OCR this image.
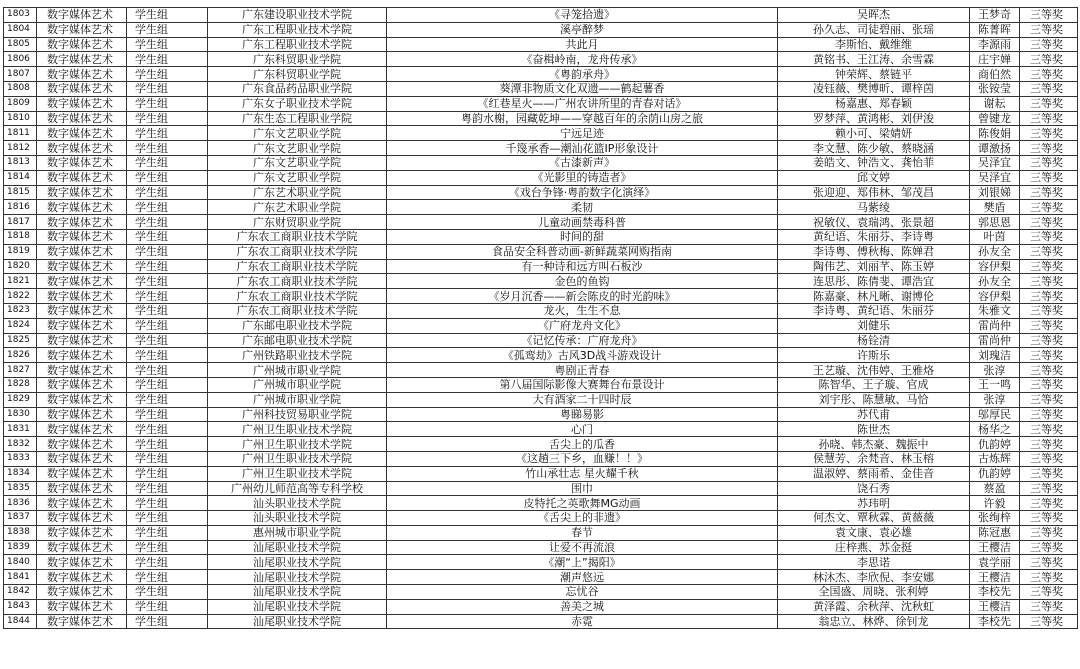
1803	数字媒体艺术	学生组	广东建设职业技术学院	《寻笼拾遗》	吴晖杰	王梦奇	三等奖
1804	数字媒体艺术	学生组	广东工程职业技术学院	溪亭醉梦	孙久志、司徒碧丽、张瑶	陈菁晖	三等奖
1805	数字媒体艺术	学生组	广东工程职业技术学院	共此月	李斯怡、戴维维	李源雨	三等奖
1806	数字媒体艺术	学生组	广东科贸职业学院	《奋楫岭南，龙舟传承》	黄铭书、王江涛、余雪霖	庄宇婵	三等奖
1807	数字媒体艺术	学生组	广东科贸职业学院	《粤韵承舟》	钟荣辉、蔡链平	商伯然	三等奖
1808	数字媒体艺术	学生组	广东食品药品职业学院	葵潭非物质文化双遗——鹤起薯香	凌钰薇、樊博昕、谭梓茵	张铵莹	三等奖
1809	数字媒体艺术	学生组	广东女子职业技术学院	《红巷星火——广州农讲所里的青春对话》	杨嘉惠、郑春颖	谢耘	三等奖
1810	数字媒体艺术	学生组	广东生态工程职业学院	粤韵水榭，园藏乾坤——穿越百年的余荫山房之旅	罗梦萍、黄鸿彬、刘伊浚	曾键龙	三等奖
1811	数字媒体艺术	学生组	广东文艺职业学院	宁远足迹	赖小可、梁婧妍	陈俊娟	三等奖
1812	数字媒体艺术	学生组	广东文艺职业学院	千篾承香—潮汕花篮IP形象设计	李文慧、陈少敏、蔡晓涵	谭激扬	三等奖
1813	数字媒体艺术	学生组	广东文艺职业学院	《古漆新声》	姜皓文、钟浩文、龚怡菲	吴泽宜	三等奖
1814	数字媒体艺术	学生组	广东文艺职业学院	《光影里的铸造者》	邱文婷	吴泽宜	三等奖
1815	数字媒体艺术	学生组	广东艺术职业学院	《戏台争锋·粤韵数字化演绎》	张迎迎、郑伟林、邹茂昌	刘银娣	三等奖
1816	数字媒体艺术	学生组	广东艺术职业学院	柔韧	马紫绫	樊盾	三等奖
1817	数字媒体艺术	学生组	广东财贸职业学院	儿童动画禁毒科普	祝敏仪、袁瑞鸿、张景超	郭思恩	三等奖
1818	数字媒体艺术	学生组	广东农工商职业技术学院	时间的甜	黄纪语、朱丽芬、李诗粤	叶茵	三等奖
1819	数字媒体艺术	学生组	广东农工商职业技术学院	食品安全科普动画-新鲜蔬菜网购指南	李诗粤、傅秋梅、陈婵君	孙友全	三等奖
1820	数字媒体艺术	学生组	广东农工商职业技术学院	有一种诗和远方叫石板沙	陶伟艺、刘丽芊、陈玉婷	容伊梨	三等奖
1821	数字媒体艺术	学生组	广东农工商职业技术学院	金色的鱼钩	连思彤、陈倩斐、谭浩宜	孙友全	三等奖
1822	数字媒体艺术	学生组	广东农工商职业技术学院	《岁月沉香——新会陈皮的时光韵味》	陈嘉豪、林凡晰、谢博伦	容伊梨	三等奖
1823	数字媒体艺术	学生组	广东农工商职业技术学院	龙火，生生不息	李诗粤、黄纪语、朱丽芬	朱雅文	三等奖
1824	数字媒体艺术	学生组	广东邮电职业技术学院	《广府龙舟文化》	刘健乐	雷尚仲	三等奖
1825	数字媒体艺术	学生组	广东邮电职业技术学院	《记忆传承：广府龙舟》	杨铨清	雷尚仲	三等奖
1826	数字媒体艺术	学生组	广州铁路职业技术学院	《孤鸾劫》古风3D战斗游戏设计	许斯乐	刘瑰洁	三等奖
1827	数字媒体艺术	学生组	广州城市职业学院	粤剧正青春	王艺璇、沈伟婷、王雅烙	张淳	三等奖
1828	数字媒体艺术	学生组	广州城市职业学院	第八届国际影像大赛舞台布景设计	陈智华、王子璇、官成	王一鸣	三等奖
1829	数字媒体艺术	学生组	广州城市职业学院	大有酒家二十四时辰	刘宇彤、陈慧敏、马恰	张淳	三等奖
1830	数字媒体艺术	学生组	广州科技贸易职业学院	粤睇易影	苏代甫	邬厚民	三等奖
1831	数字媒体艺术	学生组	广州卫生职业技术学院	心门	陈世杰	杨华之	三等奖
1832	数字媒体艺术	学生组	广州卫生职业技术学院	舌尖上的瓜香	孙晓、韩杰豪、魏振中	仇韵婷	三等奖
1833	数字媒体艺术	学生组	广州卫生职业技术学院	《这趟三下乡，血赚！！》	侯慧芳、余梵音、林玉榕	古炼辉	三等奖
1834	数字媒体艺术	学生组	广州卫生职业技术学院	竹山承壮志 星火耀千秋	温淑婷、蔡雨希、金佳音	仇韵婷	三等奖
1835	数字媒体艺术	学生组	广州幼儿师范高等专科学校	围巾	饶石秀	蔡盈	三等奖
1836	数字媒体艺术	学生组	汕头职业技术学院	皮特托之英歌舞MG动画	苏玮明	许毅	三等奖
1837	数字媒体艺术	学生组	汕头职业技术学院	《舌尖上的非遗》	何杰文、覃秋霖、黄薇薇	张绚梓	三等奖
1838	数字媒体艺术	学生组	惠州城市职业学院	春节	袁文康、袁必雄	陈冠惠	三等奖
1839	数字媒体艺术	学生组	汕尾职业技术学院	让爱不再流浪	庄梓燕、苏金挺	王樱洁	三等奖
1840	数字媒体艺术	学生组	汕尾职业技术学院	《潮“上”揭阳》	李思诺	袁学丽	三等奖
1841	数字媒体艺术	学生组	汕尾职业技术学院	潮声悠远	林沐杰、李欣倪、李安娜	王樱洁	三等奖
1842	数字媒体艺术	学生组	汕尾职业技术学院	忘忧谷	全国盛、周晓、张利婷	李校先	三等奖
1843	数字媒体艺术	学生组	汕尾职业技术学院	善美之城	黄泽霞、余秋萍、沈秋虹	王樱洁	三等奖
1844	数字媒体艺术	学生组	汕尾职业技术学院	赤霓	翁忠立、林烨、徐钊龙	李校先	三等奖
